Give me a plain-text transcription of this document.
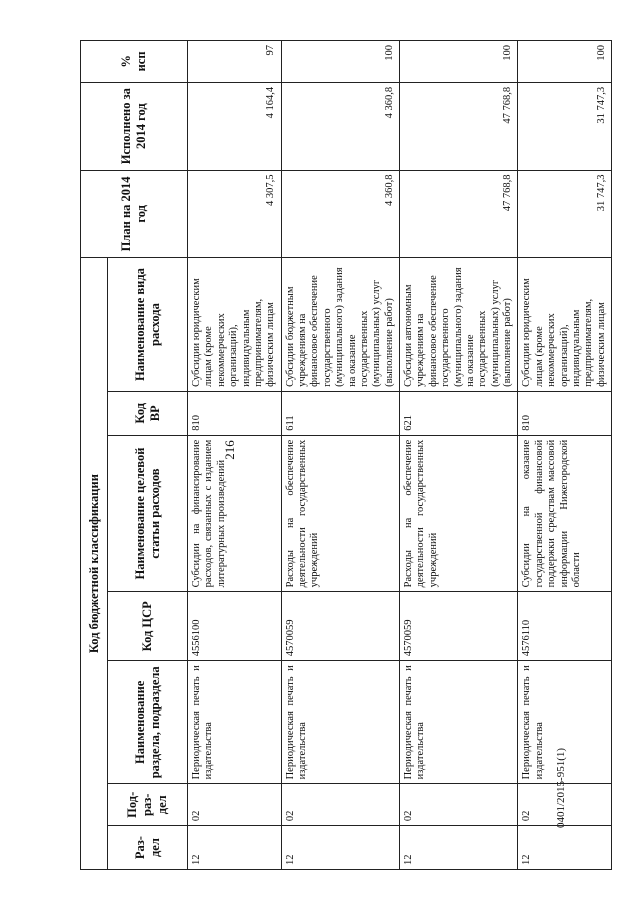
216
0401/2015-951(1)
Код бюджетной классификации							План на 2014 год	Исполнено за 2014 год	% исп
Раз-дел	Под-раз-дел	Наименование раздела, подраздела	Код ЦСР	Наименование целевой статьи расходов	Код ВР	Наименование вида расхода			
12	02	Периодическая печать и издательства	4556100	Субсидии на финансирование расходов, связанных с изданием литературных произведений	810	Субсидии юридическим лицам (кроме некоммерческих организаций), индивидуальным предпринимателям, физическим лицам	4 307,5	4 164,4	97
12	02	Периодическая печать и издательства	4570059	Расходы на обеспечение деятельности государственных учреждений	611	Субсидии бюджетным учреждениям на финансовое обеспечение государственного (муниципального) задания на оказание государственных (муниципальных) услуг (выполнение работ)	4 360,8	4 360,8	100
12	02	Периодическая печать и издательства	4570059	Расходы на обеспечение деятельности государственных учреждений	621	Субсидии автономным учреждениям на финансовое обеспечение государственного (муниципального) задания на оказание государственных (муниципальных) услуг (выполнение работ)	47 768,8	47 768,8	100
12	02	Периодическая печать и издательства	4576110	Субсидии на оказание государственной финансовой поддержки средствам массовой информации Нижегородской области	810	Субсидии юридическим лицам (кроме некоммерческих организаций), индивидуальным предпринимателям, физическим лицам	31 747,3	31 747,3	100
